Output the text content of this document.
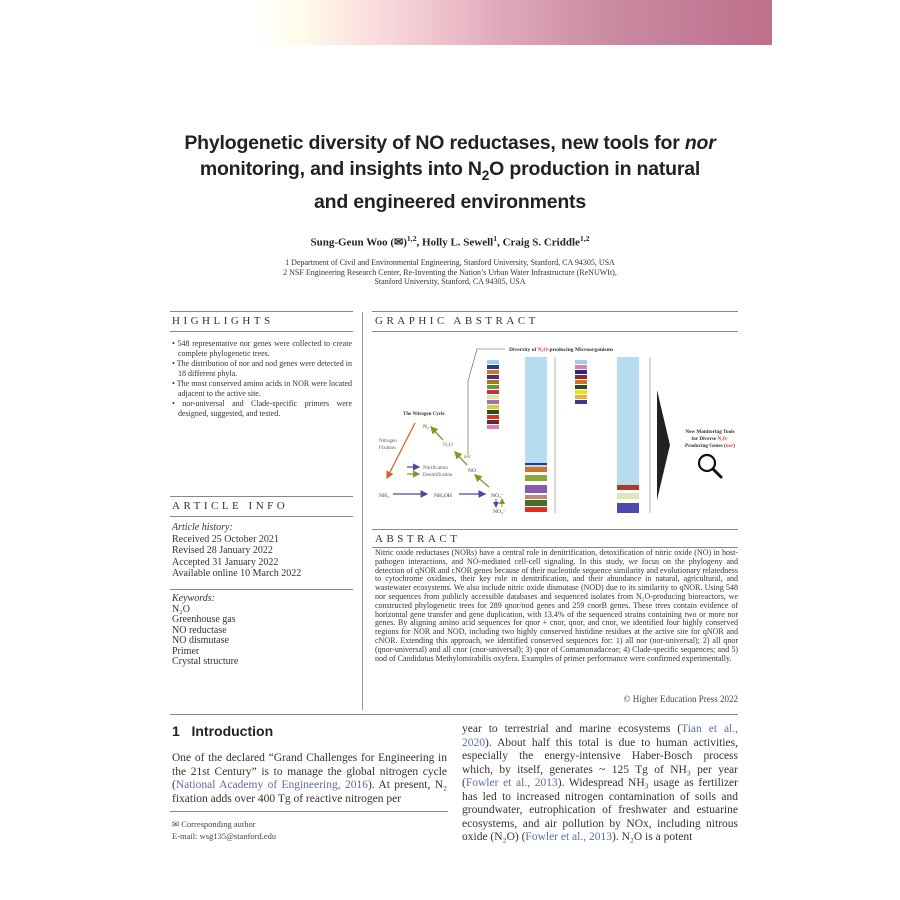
Phylogenetic diversity of NO reductases, new tools for nor
monitoring, and insights into $N_2O$ production in natural
and engineered environments
Sung-Geun Woo (✉)$^{1,2}$, Holly L. Sewell$^1$, Craig S. Criddle$^{1,2}$
1 Department of Civil and Environmental Engineering, Stanford University, Stanford, CA 94305, USA
2 NSF Engineering Research Center, Re-Inventing the Nation’s Urban Water Infrastructure (ReNUWIt),
Stanford University, Stanford, CA 94305, USA
HIGHLIGHTS
• 548 representative nor genes were collected to create complete phylogenetic trees.
• The distribution of nor and nod genes were detected in 18 different phyla.
• The most conserved amino acids in NOR were located adjacent to the active site.
• nor-universal and Clade-specific primers were designed, suggested, and tested.
ARTICLE INFO
Article history:
Received 25 October 2021
Revised 28 January 2022
Accepted 31 January 2022
Available online 10 March 2022
Keywords:
N₂O
Greenhouse gas
NO reductase
NO dismutase
Primer
Crystal structure
GRAPHIC ABSTRACT
The Nitrogen Cycle
N₂
N₂O
nor
NO
NH₃	NH₂OH	NO₂⁻
NO₃⁻
Nitrogen
Fixation
Nitrification
Denitrification
Diversity of N₂O-producing Microorganisms
New Monitoring Tools
for Diverse N₂O-
Producing Genes (nor)
ABSTRACT
Nitric oxide reductases (NORs) have a central role in denitrification, detoxification of nitric oxide (NO) in host-pathogen interactions, and NO-mediated cell-cell signaling. In this study, we focus on the phylogeny and detection of qNOR and cNOR genes because of their nucleotide sequence similarity and evolutionary relatedness to cytochrome oxidases, their key role in denitrification, and their abundance in natural, agricultural, and wastewater ecosystems. We also include nitric oxide dismutase (NOD) due to its similarity to qNOR. Using 548 nor sequences from publicly accessible databases and sequenced isolates from N₂O-producing bioreactors, we constructed phylogenetic trees for 289 qnor/nod genes and 259 cnorB genes. These trees contain evidence of horizontal gene transfer and gene duplication, with 13.4% of the sequenced strains containing two or more nor genes. By aligning amino acid sequences for qnor + cnor, qnor, and cnor, we identified four highly conserved regions for NOR and NOD, including two highly conserved histidine residues at the active site for qNOR and cNOR. Extending this approach, we identified conserved sequences for: 1) all nor (nor-universal); 2) all qnor (qnor-universal) and all cnor (cnor-universal); 3) qnor of Comamonadaceae; 4) Clade-specific sequences; and 5) nod of Candidatus Methylomirabilis oxyfera. Examples of primer performance were confirmed experimentally.
© Higher Education Press 2022
1 Introduction
One of the declared “Grand Challenges for Engineering in the 21st Century” is to manage the global nitrogen cycle (National Academy of Engineering, 2016). At present, N₂ fixation adds over 400 Tg of reactive nitrogen per
✉ Corresponding author
E-mail: wsg135@stanford.edu
year to terrestrial and marine ecosystems (Tian et al., 2020). About half this total is due to human activities, especially the energy-intensive Haber-Bosch process which, by itself, generates ~ 125 Tg of NH₃ per year (Fowler et al., 2013). Widespread NH₃ usage as fertilizer has led to increased nitrogen contamination of soils and groundwater, eutrophication of freshwater and estuarine ecosystems, and air pollution by NOx, including nitrous oxide (N₂O) (Fowler et al., 2013). N₂O is a potent
